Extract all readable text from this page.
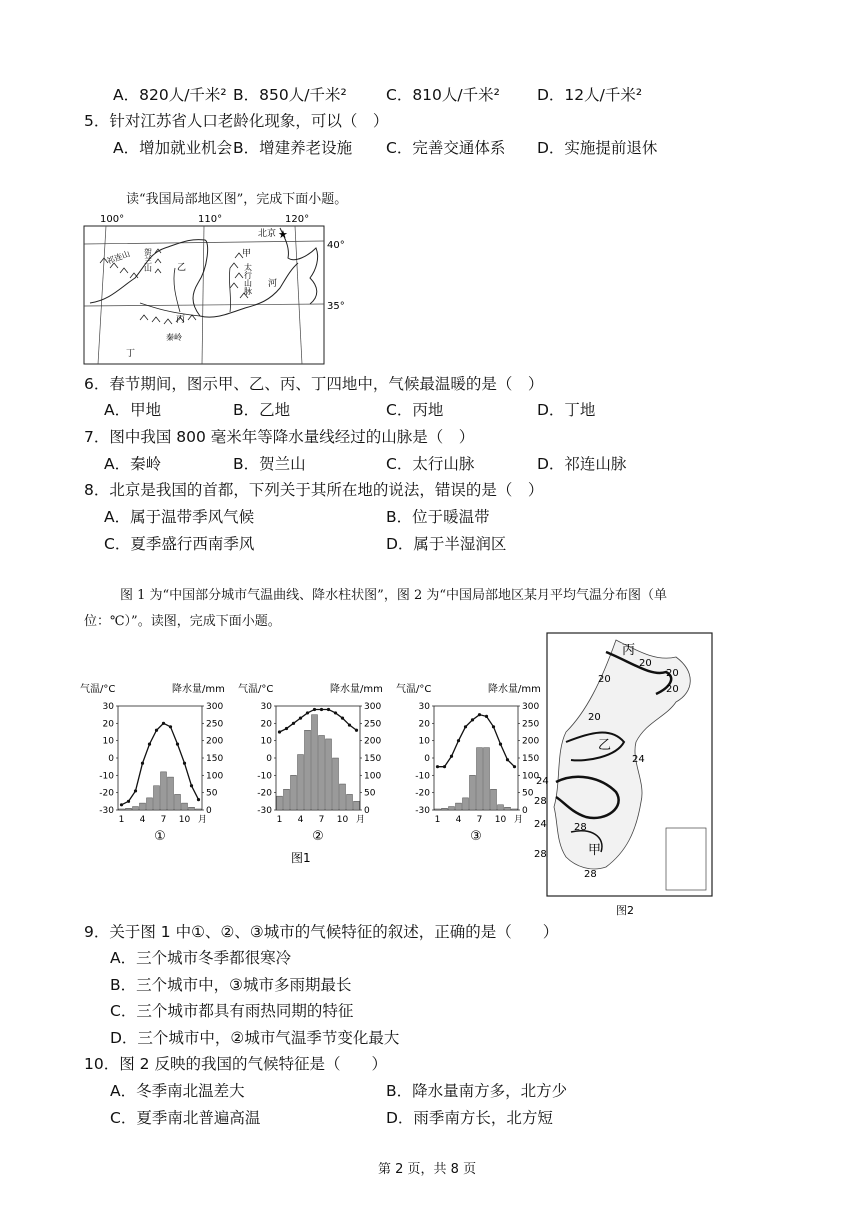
A．820人/千米² B．850人/千米²	C．810人/千米² D．12人/千米²
5．针对江苏省人口老龄化现象，可以（　）
A．增加就业机会 B．增建养老设施 C．完善交通体系 D．实施提前退休
读“我国局部地区图”，完成下面小题。
100°	110°	120°
40°
35°
祁连山 贺兰山
太行山脉
秦岭
北京 ★
甲
乙
丙
丁
河
6．春节期间，图示甲、乙、丙、丁四地中，气候最温暖的是（　）
A．甲地	B．乙地	C．丙地	D．丁地
7．图中我国 800 毫米年等降水量线经过的山脉是（　）
A．秦岭	B．贺兰山	C．太行山脉	D．祁连山脉
8．北京是我国的首都，下列关于其所在地的说法，错误的是（　）
A．属于温带季风气候	B．位于暖温带
C．夏季盛行西南季风	D．属于半湿润区
图 1 为“中国部分城市气温曲线、降水柱状图”，图 2 为“中国局部地区某月平均气温分布图（单
位：℃）”。读图，完成下面小题。
图1
气温/°C	降水量/mm
30
20
10
0
-10
-20
-30
300
250
200
150
100
50
0
1 4 7 10 月
①
气温/°C	降水量/mm
30
20
10
0
-10
-20
-30
300
250
200
150
100
50
0
1 4 7 10 月
②
气温/°C	降水量/mm
30
20
10
0
-10
-20
-30
300
250
200
150
100
50
0
1 4 7 10 月
③
20
20
20
20
20
24
24
28
24
28
28
28
丙
乙
甲
图2
9．关于图 1 中①、②、③城市的气候特征的叙述，正确的是（　　）
A．三个城市冬季都很寒冷
B．三个城市中，③城市多雨期最长
C．三个城市都具有雨热同期的特征
D．三个城市中，②城市气温季节变化最大
10．图 2 反映的我国的气候特征是（　　）
A．冬季南北温差大	B．降水量南方多，北方少
C．夏季南北普遍高温	D．雨季南方长，北方短
第 2 页，共 8 页
